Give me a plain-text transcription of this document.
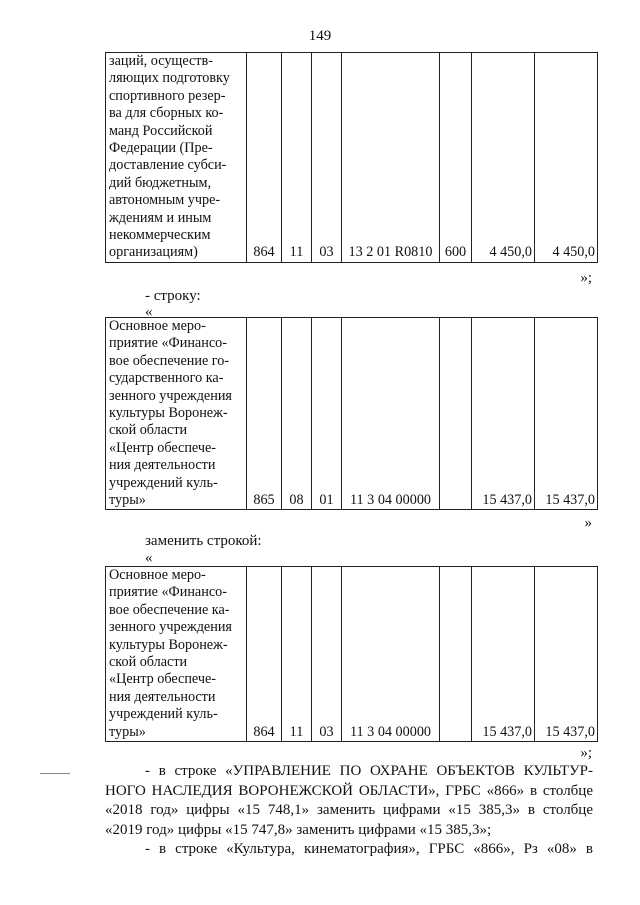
149
заций, осуществ-
ляющих подготовку
спортивного резер-
ва для сборных ко-
манд Российской
Федерации (Пре-
доставление субси-
дий бюджетным,
автономным учре-
ждениям и иным
некоммерческим
организациям)	864	11	03	13 2 01 R0810	600	4 450,0	4 450,0
»;
- строку:
«
Основное меро-
приятие «Финансо-
вое обеспечение го-
сударственного ка-
зенного учреждения
культуры Воронеж-
ской области
«Центр обеспече-
ния деятельности
учреждений куль-
туры»	865	08	01	11 3 04 00000		15 437,0	15 437,0
»
заменить строкой:
«
Основное меро-
приятие «Финансо-
вое обеспечение ка-
зенного учреждения
культуры Воронеж-
ской области
«Центр обеспече-
ния деятельности
учреждений куль-
туры»	864	11	03	11 3 04 00000		15 437,0	15 437,0
»;
- в строке «УПРАВЛЕНИЕ ПО ОХРАНЕ ОБЪЕКТОВ КУЛЬТУР-
НОГО НАСЛЕДИЯ ВОРОНЕЖСКОЙ ОБЛАСТИ», ГРБС «866» в столбце
«2018 год» цифры «15 748,1» заменить цифрами «15 385,3» в столбце
«2019 год» цифры «15 747,8» заменить цифрами «15 385,3»;
- в строке «Культура, кинематография», ГРБС «866», Рз «08» в
